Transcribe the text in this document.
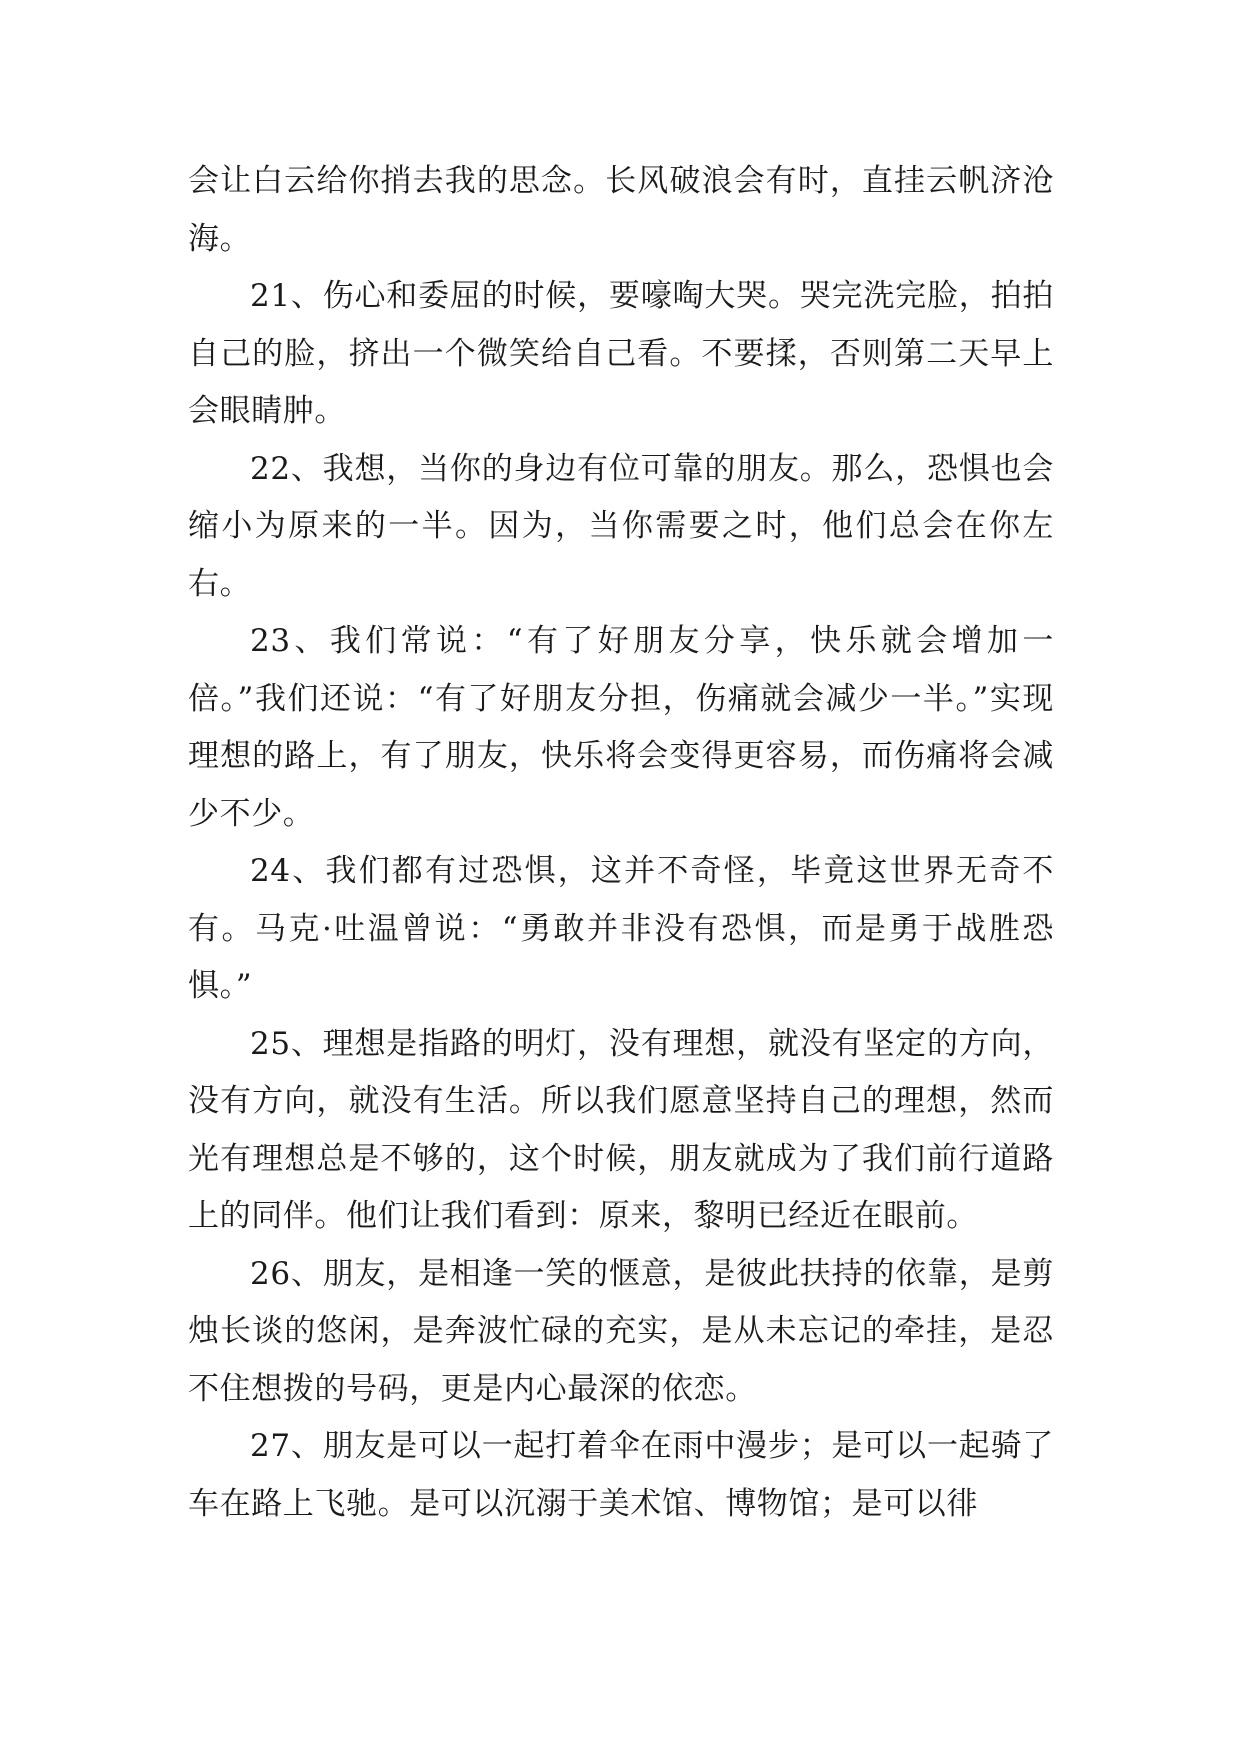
会让白云给你捎去我的思念。长风破浪会有时，直挂云帆济沧海。

21、伤心和委屈的时候，要嚎啕大哭。哭完洗完脸，拍拍自己的脸，挤出一个微笑给自己看。不要揉，否则第二天早上会眼睛肿。

22、我想，当你的身边有位可靠的朋友。那么，恐惧也会缩小为原来的一半。因为，当你需要之时，他们总会在你左右。

23、我们常说：“有了好朋友分享，快乐就会增加一倍。”我们还说：“有了好朋友分担，伤痛就会减少一半。”实现理想的路上，有了朋友，快乐将会变得更容易，而伤痛将会减少不少。

24、我们都有过恐惧，这并不奇怪，毕竟这世界无奇不有。马克·吐温曾说：“勇敢并非没有恐惧，而是勇于战胜恐惧。”

25、理想是指路的明灯，没有理想，就没有坚定的方向，没有方向，就没有生活。所以我们愿意坚持自己的理想，然而光有理想总是不够的，这个时候，朋友就成为了我们前行道路上的同伴。他们让我们看到：原来，黎明已经近在眼前。

26、朋友，是相逢一笑的惬意，是彼此扶持的依靠，是剪烛长谈的悠闲，是奔波忙碌的充实，是从未忘记的牵挂，是忍不住想拨的号码，更是内心最深的依恋。

27、朋友是可以一起打着伞在雨中漫步；是可以一起骑了车在路上飞驰。是可以沉溺于美术馆、博物馆；是可以徘
